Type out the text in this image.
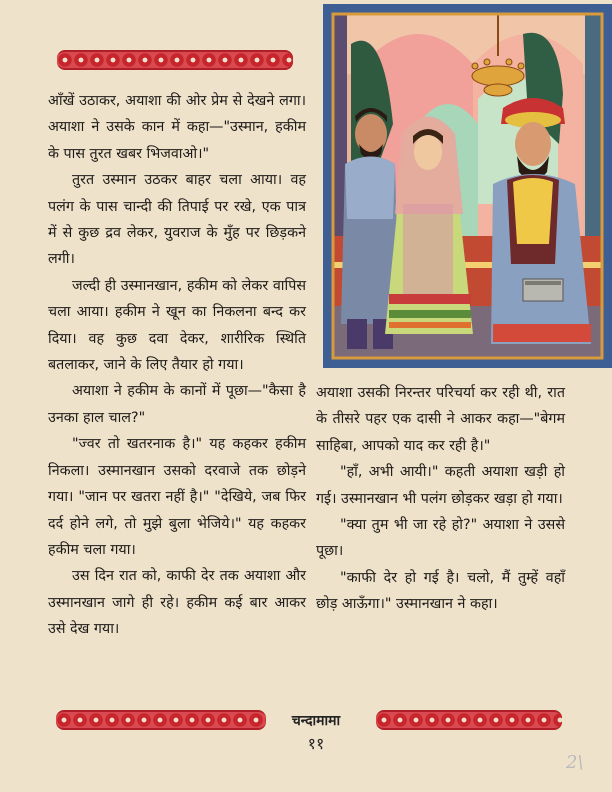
आँखें उठाकर, अयाशा की ओर प्रेम से देखने लगा। अयाशा ने उसके कान में कहा—"उस्मान, हकीम के पास तुरत खबर भिजवाओ।"

तुरत उस्मान उठकर बाहर चला आया। वह पलंग के पास चान्दी की तिपाई पर रखे, एक पात्र में से कुछ द्रव लेकर, युवराज के मुँह पर छिड़कने लगी।

जल्दी ही उस्मानखान, हकीम को लेकर वापिस चला आया। हकीम ने खून का निकलना बन्द कर दिया। वह कुछ दवा देकर, शारीरिक स्थिति बतलाकर, जाने के लिए तैयार हो गया।

अयाशा ने हकीम के कानों में पूछा—"कैसा है उनका हाल चाल?"

"ज्वर तो खतरनाक है।" यह कहकर हकीम निकला। उस्मानखान उसको दरवाजे तक छोड़ने गया। "जान पर खतरा नहीं है।" "देखिये, जब फिर दर्द होने लगे, तो मुझे बुला भेजिये।" यह कहकर हकीम चला गया।

उस दिन रात को, काफी देर तक अयाशा और उस्मानखान जागे ही रहे। हकीम कई बार आकर उसे देख गया।

अयाशा उसकी निरन्तर परिचर्या कर रही थी, रात के तीसरे पहर एक दासी ने आकर कहा—"बेगम साहिबा, आपको याद कर रही है।"

"हाँ, अभी आयी।" कहती अयाशा खड़ी हो गई। उस्मानखान भी पलंग छोड़कर खड़ा हो गया।

"क्या तुम भी जा रहे हो?" अयाशा ने उससे पूछा।

"काफी देर हो गई है। चलो, मैं तुम्हें वहाँ छोड़ आऊँगा।" उस्मानखान ने कहा।

चन्दामामा
११
2\
